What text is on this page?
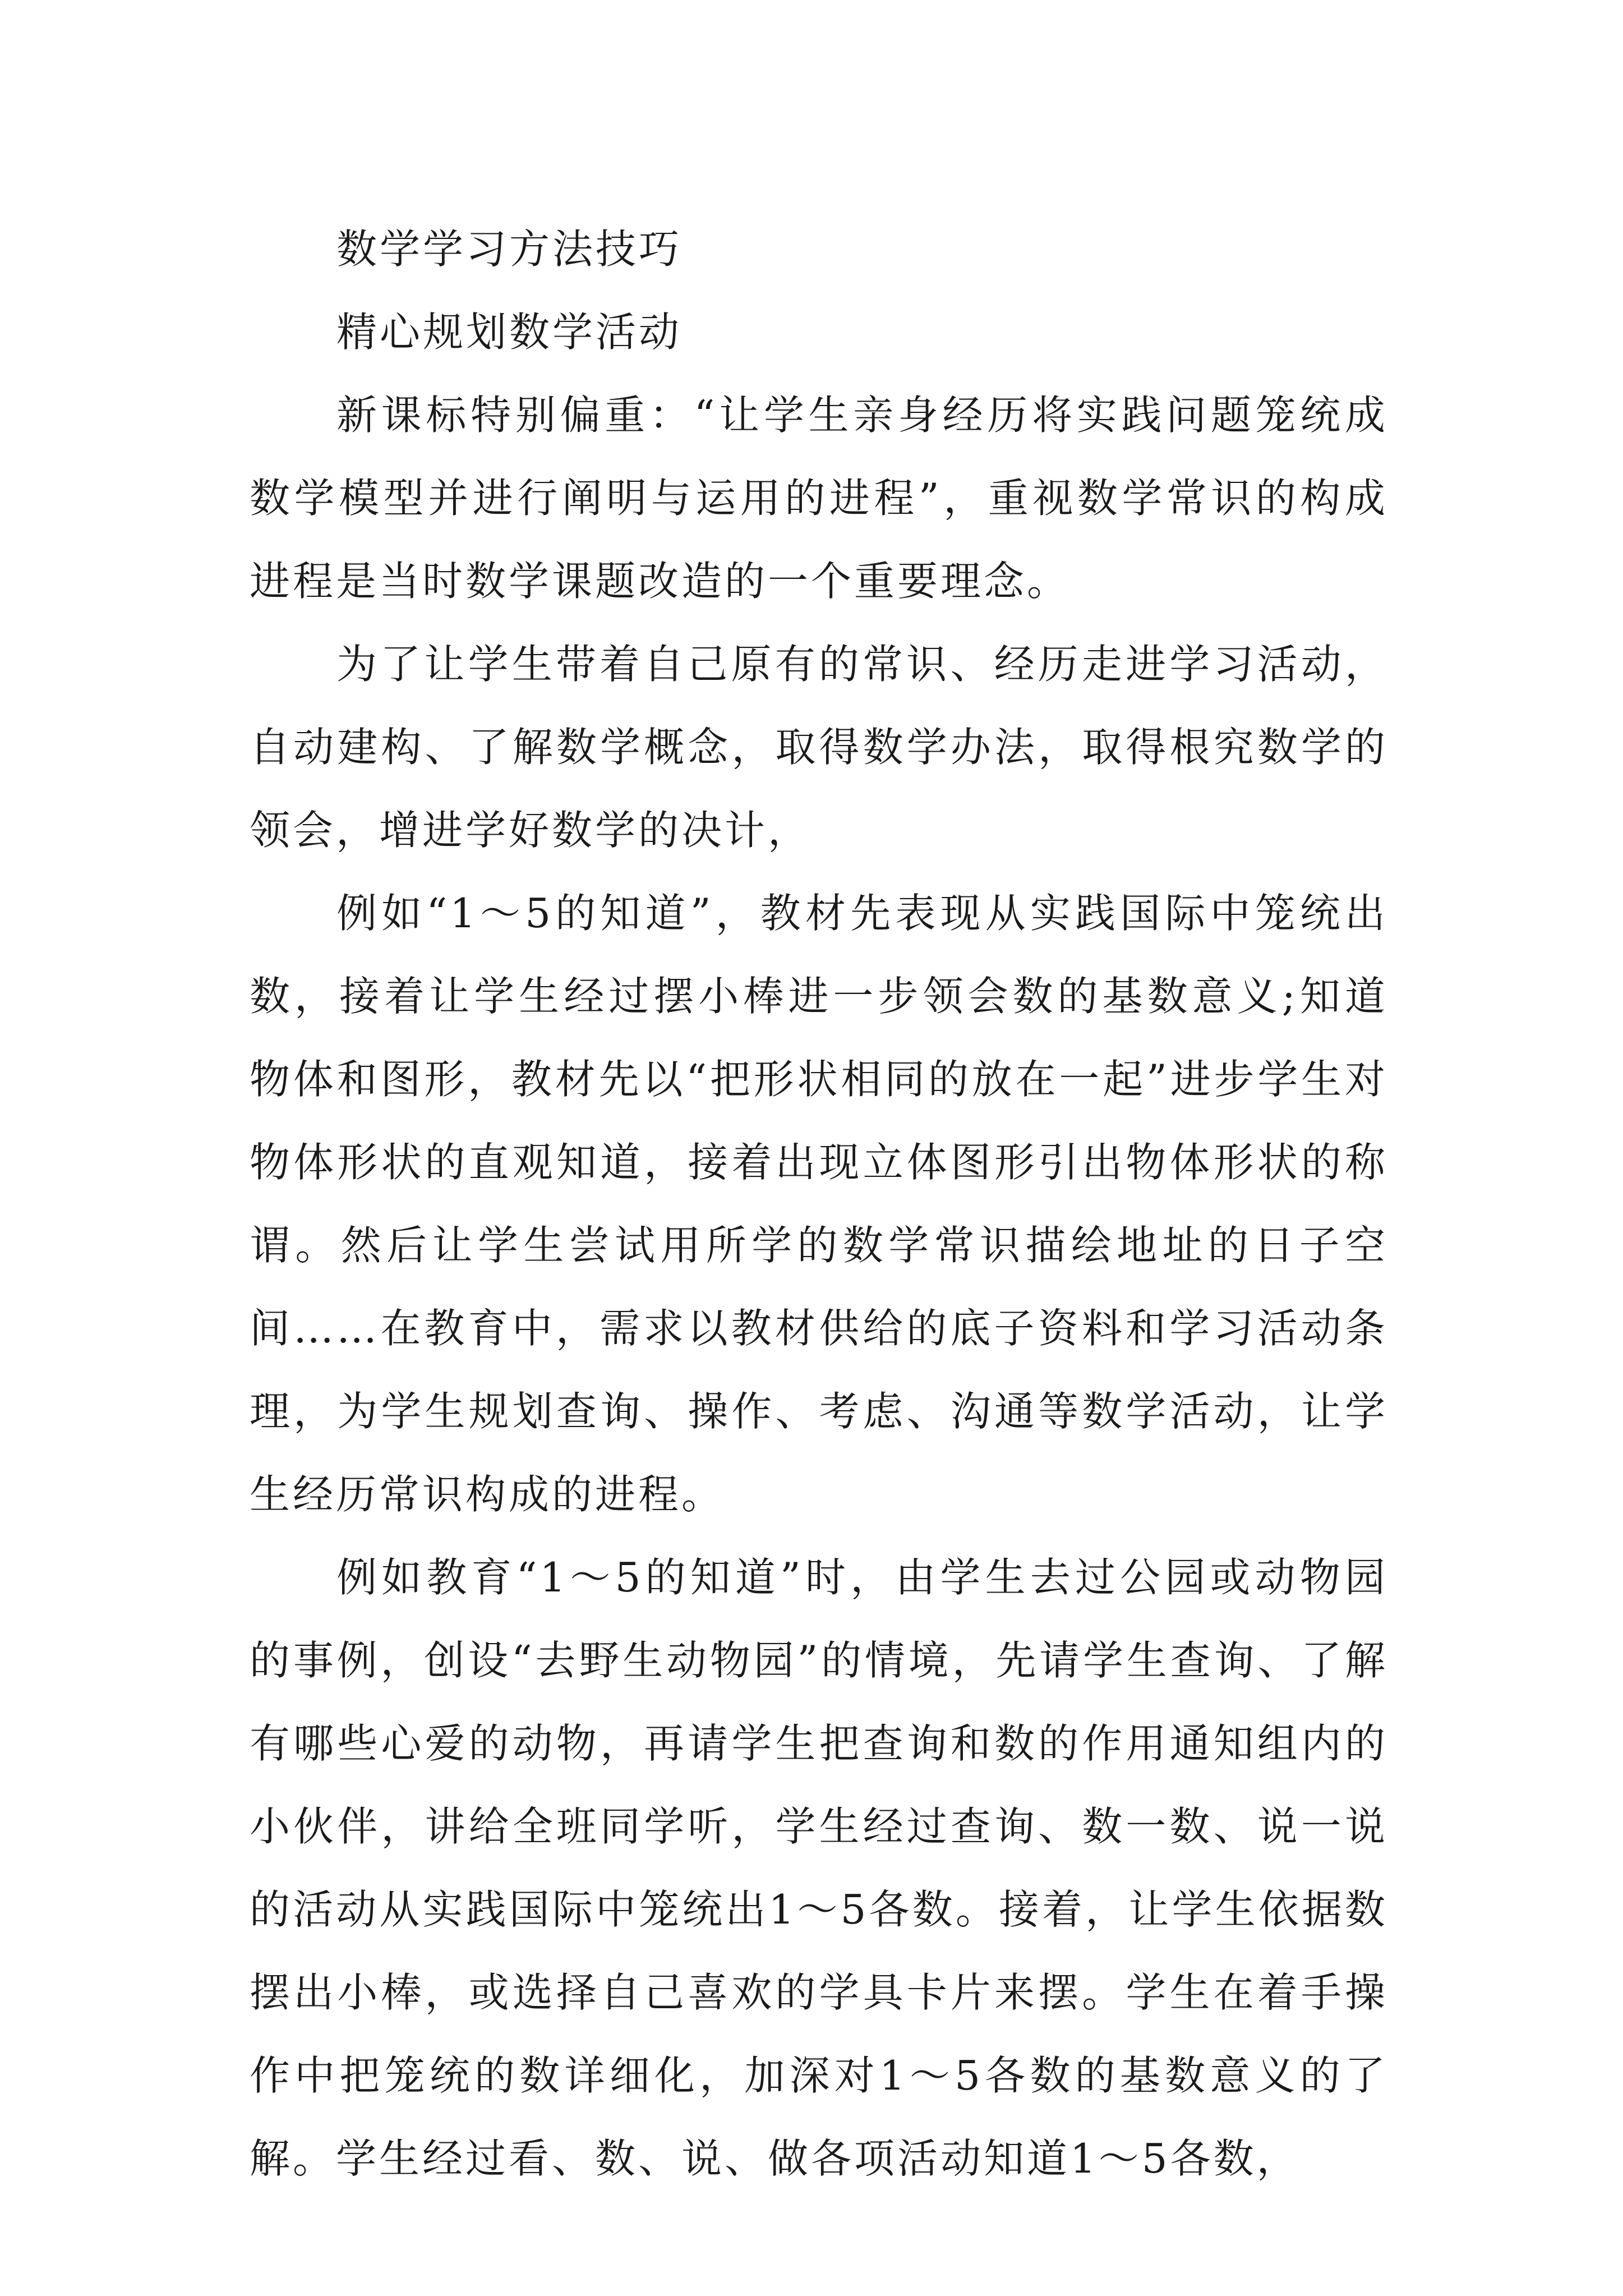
数学学习方法技巧

精心规划数学活动

新课标特别偏重：“让学生亲身经历将实践问题笼统成数学模型并进行阐明与运用的进程”，重视数学常识的构成进程是当时数学课题改造的一个重要理念。

为了让学生带着自己原有的常识、经历走进学习活动，自动建构、了解数学概念，取得数学办法，取得根究数学的领会，增进学好数学的决计，

例如“1～5的知道”，教材先表现从实践国际中笼统出数，接着让学生经过摆小棒进一步领会数的基数意义;知道物体和图形，教材先以“把形状相同的放在一起”进步学生对物体形状的直观知道，接着出现立体图形引出物体形状的称谓。然后让学生尝试用所学的数学常识描绘地址的日子空间……在教育中，需求以教材供给的底子资料和学习活动条理，为学生规划查询、操作、考虑、沟通等数学活动，让学生经历常识构成的进程。

例如教育“1～5的知道”时，由学生去过公园或动物园的事例，创设“去野生动物园”的情境，先请学生查询、了解有哪些心爱的动物，再请学生把查询和数的作用通知组内的小伙伴，讲给全班同学听，学生经过查询、数一数、说一说的活动从实践国际中笼统出1～5各数。接着，让学生依据数摆出小棒，或选择自己喜欢的学具卡片来摆。学生在着手操作中把笼统的数详细化，加深对1～5各数的基数意义的了解。学生经过看、数、说、做各项活动知道1～5各数，
